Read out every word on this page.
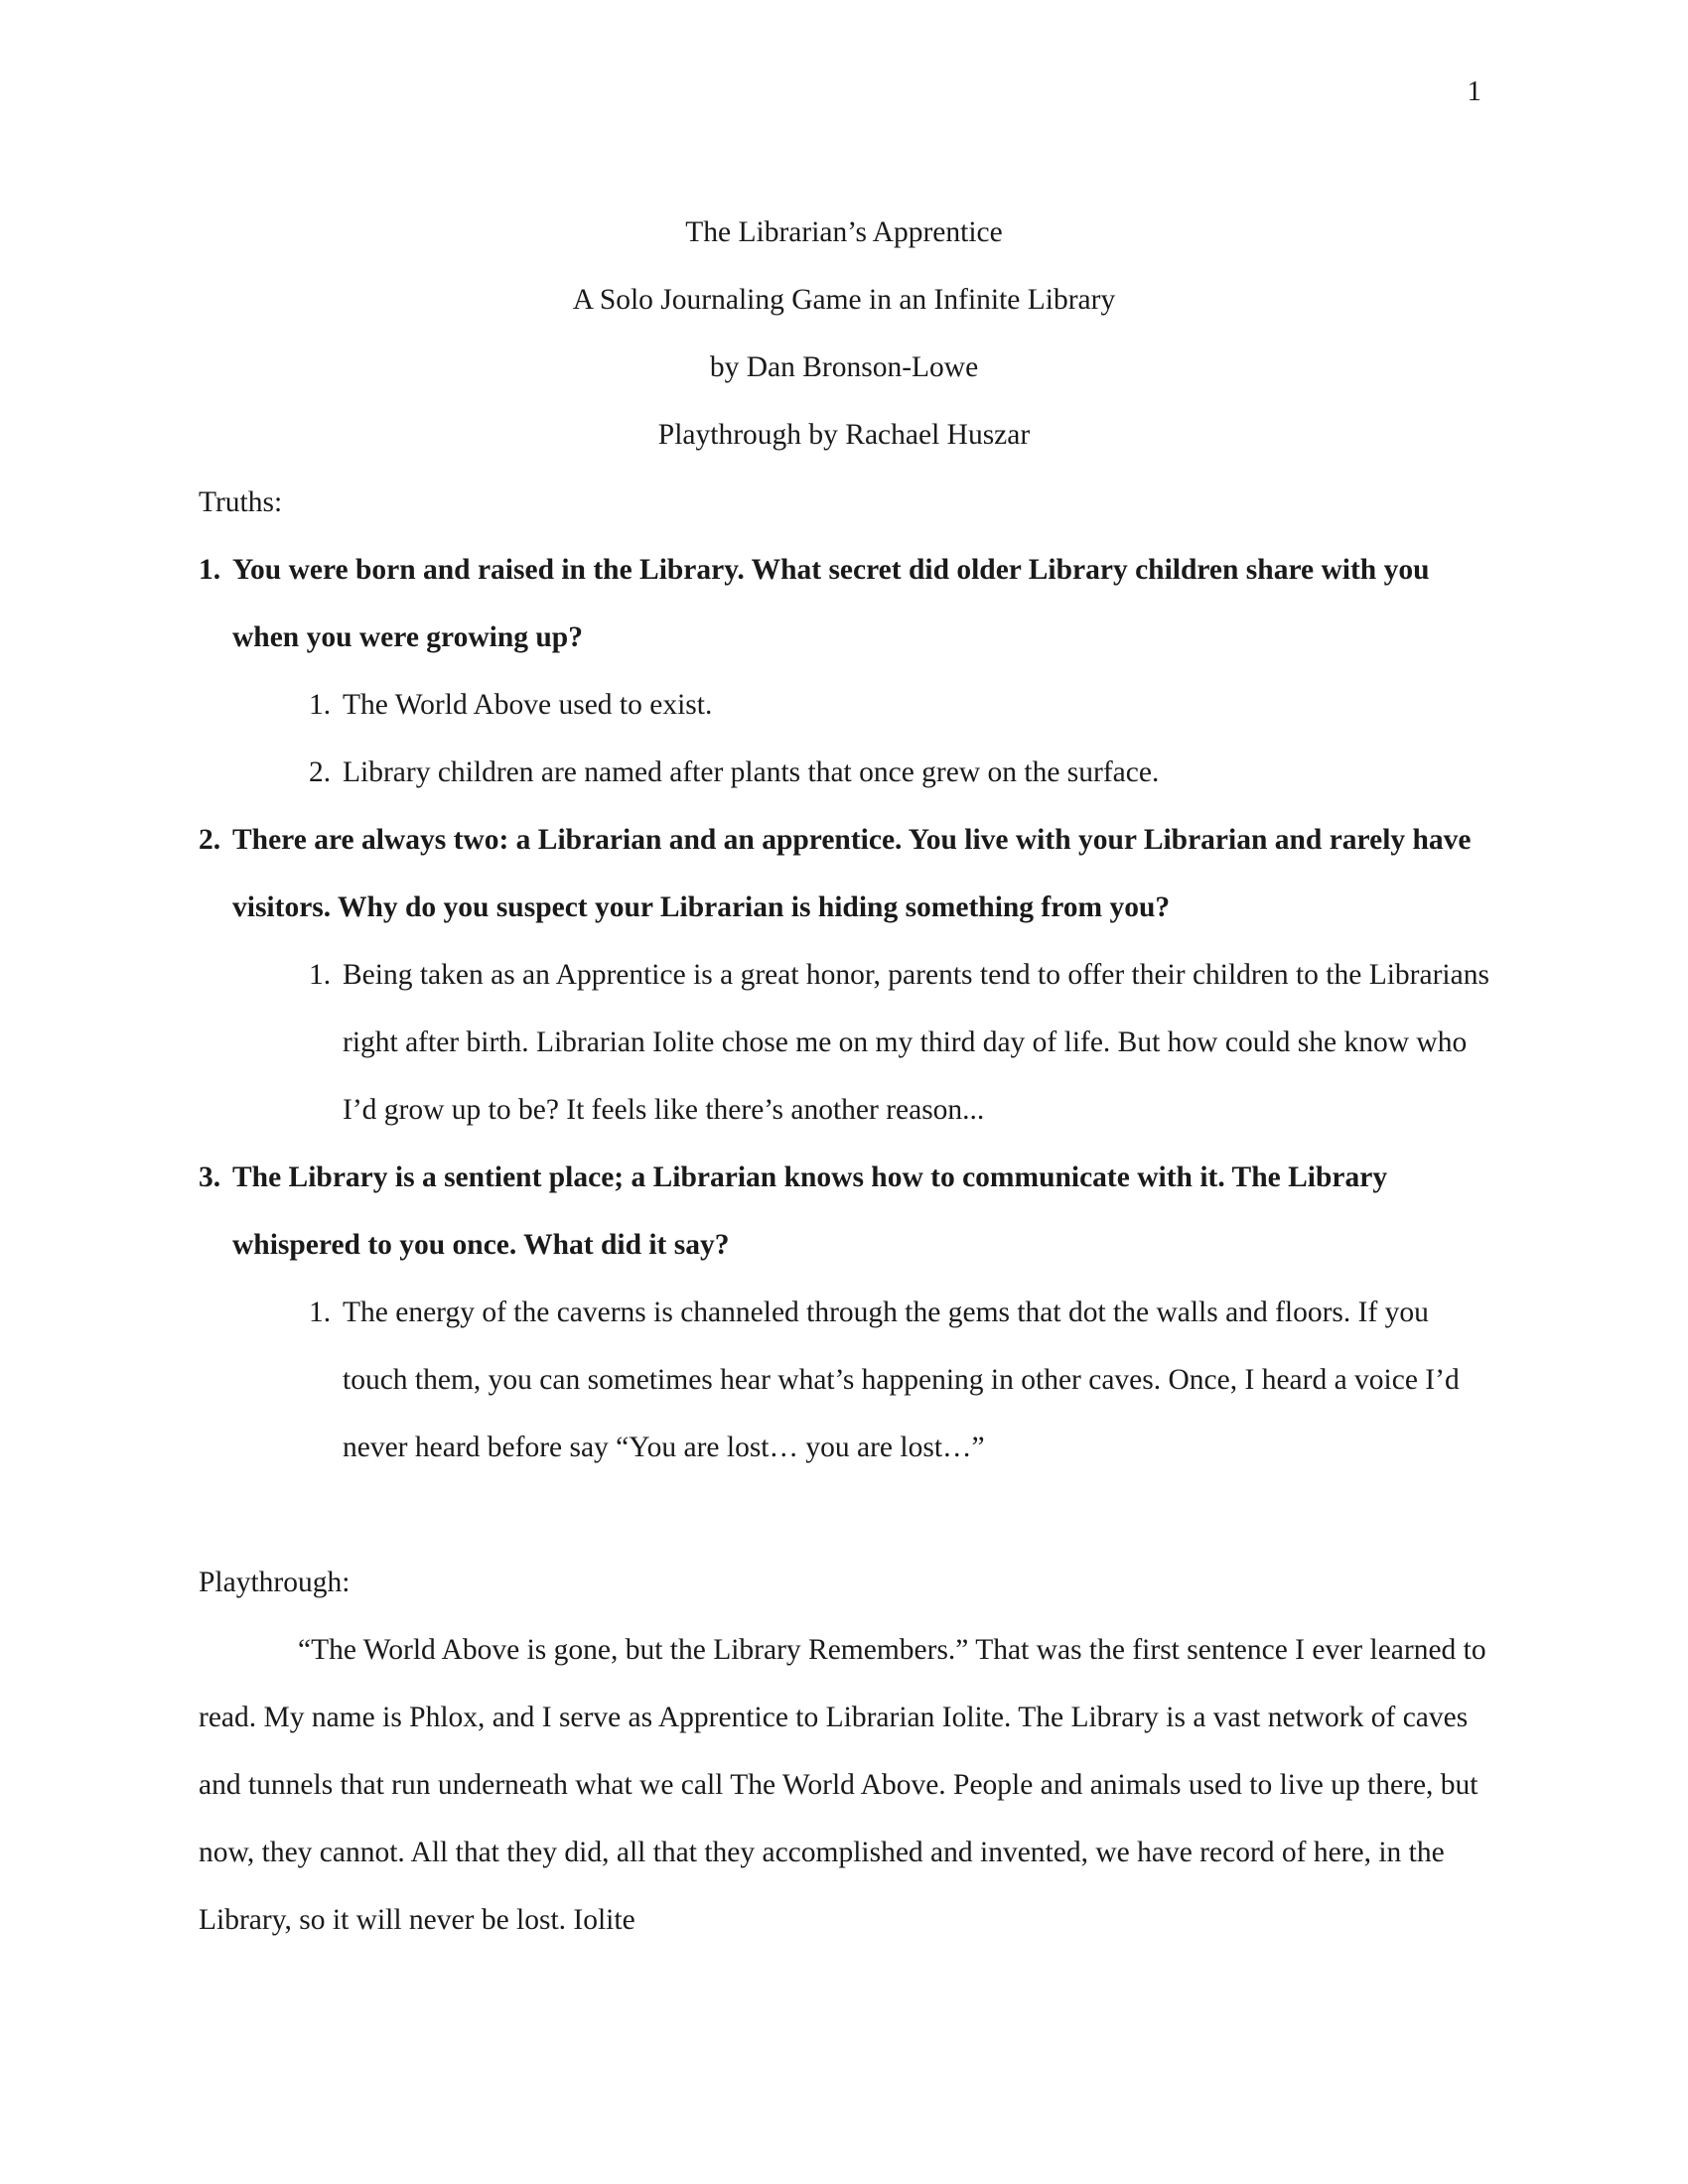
1

The Librarian’s Apprentice

A Solo Journaling Game in an Infinite Library

by Dan Bronson-Lowe

Playthrough by Rachael Huszar

Truths:

1. You were born and raised in the Library. What secret did older Library children share with you when you were growing up?
1. The World Above used to exist.
2. Library children are named after plants that once grew on the surface.
2. There are always two: a Librarian and an apprentice. You live with your Librarian and rarely have visitors. Why do you suspect your Librarian is hiding something from you?
1. Being taken as an Apprentice is a great honor, parents tend to offer their children to the Librarians right after birth. Librarian Iolite chose me on my third day of life. But how could she know who I’d grow up to be? It feels like there’s another reason...
3. The Library is a sentient place; a Librarian knows how to communicate with it. The Library whispered to you once. What did it say?
1. The energy of the caverns is channeled through the gems that dot the walls and floors. If you touch them, you can sometimes hear what’s happening in other caves. Once, I heard a voice I’d never heard before say “You are lost… you are lost…”

Playthrough:

“The World Above is gone, but the Library Remembers.” That was the first sentence I ever learned to read. My name is Phlox, and I serve as Apprentice to Librarian Iolite. The Library is a vast network of caves and tunnels that run underneath what we call The World Above. People and animals used to live up there, but now, they cannot. All that they did, all that they accomplished and invented, we have record of here, in the Library, so it will never be lost. Iolite
